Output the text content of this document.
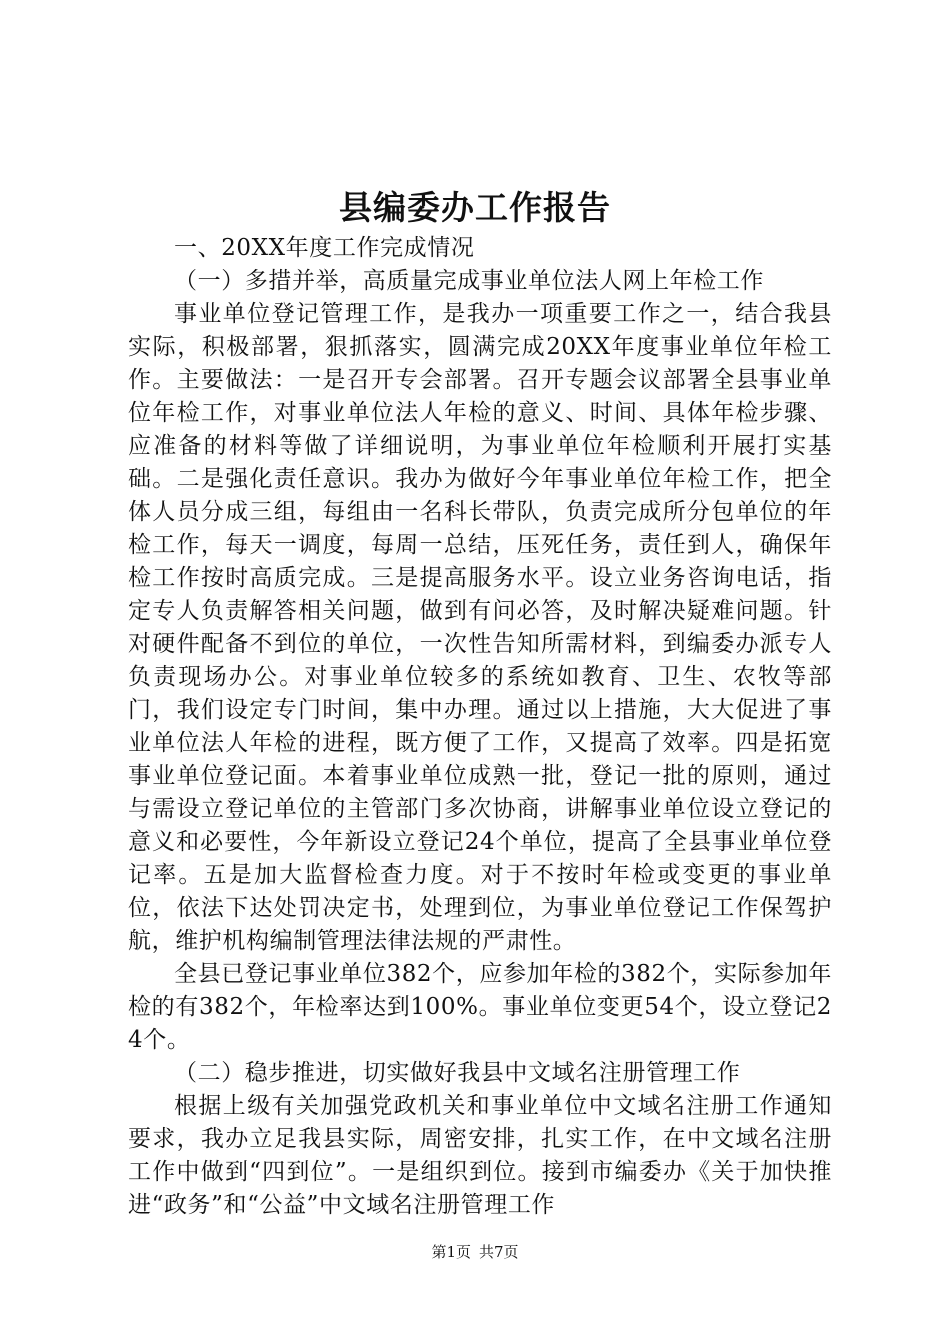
县编委办工作报告

一、20XX年度工作完成情况

（一）多措并举，高质量完成事业单位法人网上年检工作

事业单位登记管理工作，是我办一项重要工作之一，结合我县实际，积极部署，狠抓落实，圆满完成20XX年度事业单位年检工作。主要做法：一是召开专会部署。召开专题会议部署全县事业单位年检工作，对事业单位法人年检的意义、时间、具体年检步骤、应准备的材料等做了详细说明，为事业单位年检顺利开展打实基础。二是强化责任意识。我办为做好今年事业单位年检工作，把全体人员分成三组，每组由一名科长带队，负责完成所分包单位的年检工作，每天一调度，每周一总结，压死任务，责任到人，确保年检工作按时高质完成。三是提高服务水平。设立业务咨询电话，指定专人负责解答相关问题，做到有问必答，及时解决疑难问题。针对硬件配备不到位的单位，一次性告知所需材料，到编委办派专人负责现场办公。对事业单位较多的系统如教育、卫生、农牧等部门，我们设定专门时间，集中办理。通过以上措施，大大促进了事业单位法人年检的进程，既方便了工作，又提高了效率。四是拓宽事业单位登记面。本着事业单位成熟一批，登记一批的原则，通过与需设立登记单位的主管部门多次协商，讲解事业单位设立登记的意义和必要性，今年新设立登记24个单位，提高了全县事业单位登记率。五是加大监督检查力度。对于不按时年检或变更的事业单位，依法下达处罚决定书，处理到位，为事业单位登记工作保驾护航，维护机构编制管理法律法规的严肃性。

全县已登记事业单位382个，应参加年检的382个，实际参加年检的有382个，年检率达到100%。事业单位变更54个，设立登记24个。

（二）稳步推进，切实做好我县中文域名注册管理工作

根据上级有关加强党政机关和事业单位中文域名注册工作通知要求，我办立足我县实际，周密安排，扎实工作，在中文域名注册工作中做到“四到位”。一是组织到位。接到市编委办《关于加快推进“政务”和“公益”中文域名注册管理工作

第1页 共7页
